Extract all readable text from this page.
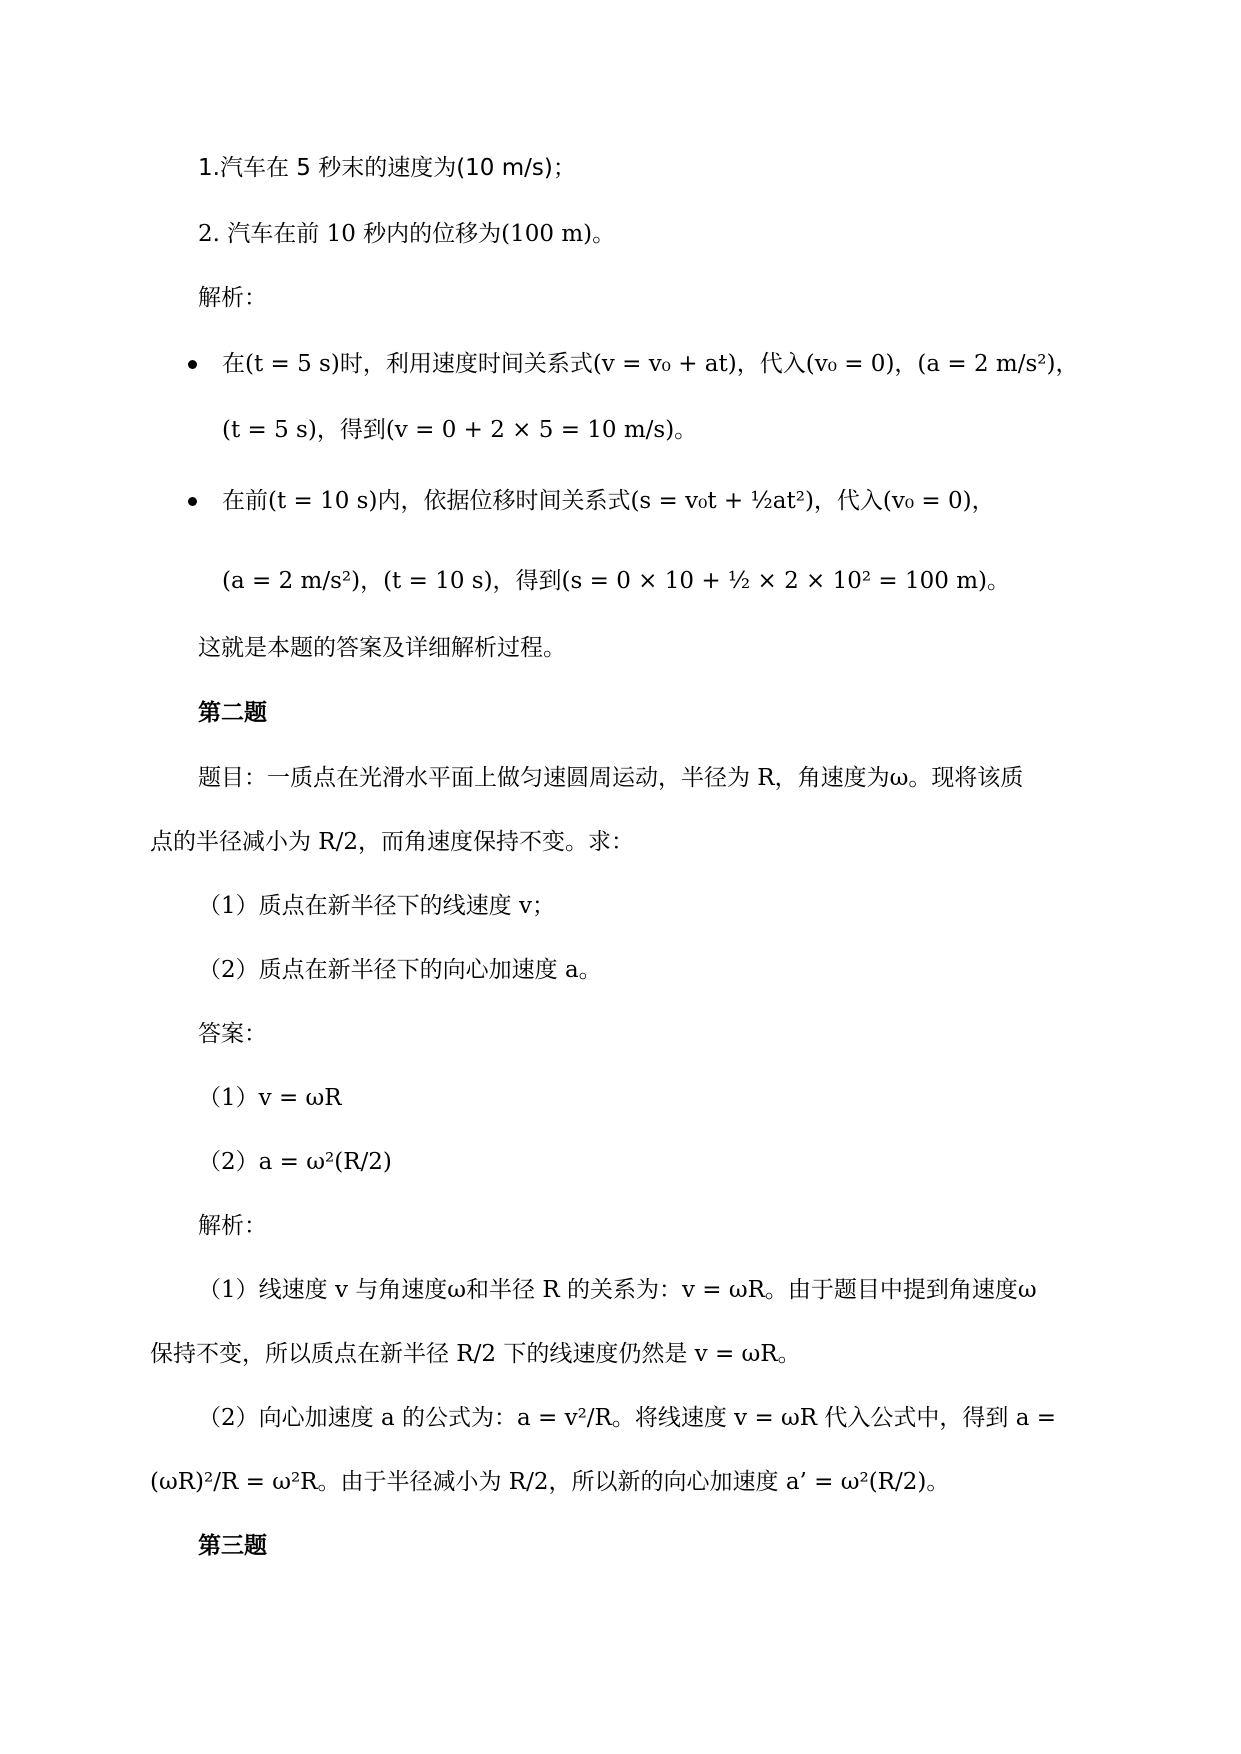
1.汽车在 5 秒末的速度为(10 m/s)；
2. 汽车在前 10 秒内的位移为(100 m)。
解析：
在(t = 5 s)时，利用速度时间关系式(v = v₀ + at)，代入(v₀ = 0)，(a = 2 m/s²)，
(t = 5 s)，得到(v = 0 + 2 × 5 = 10 m/s)。
在前(t = 10 s)内，依据位移时间关系式(s = v₀t + ½at²)，代入(v₀ = 0)，
(a = 2 m/s²)，(t = 10 s)，得到(s = 0 × 10 + ½ × 2 × 10² = 100 m)。
这就是本题的答案及详细解析过程。
第二题
题目：一质点在光滑水平面上做匀速圆周运动，半径为 R，角速度为ω。现将该质
点的半径减小为 R/2，而角速度保持不变。求：
（1）质点在新半径下的线速度 v；
（2）质点在新半径下的向心加速度 a。
答案：
（1）v = ωR
（2）a = ω²(R/2)
解析：
（1）线速度 v 与角速度ω和半径 R 的关系为：v = ωR。由于题目中提到角速度ω
保持不变，所以质点在新半径 R/2 下的线速度仍然是 v = ωR。
（2）向心加速度 a 的公式为：a = v²/R。将线速度 v = ωR 代入公式中，得到 a =
(ωR)²/R = ω²R。由于半径减小为 R/2，所以新的向心加速度 a’ = ω²(R/2)。
第三题
